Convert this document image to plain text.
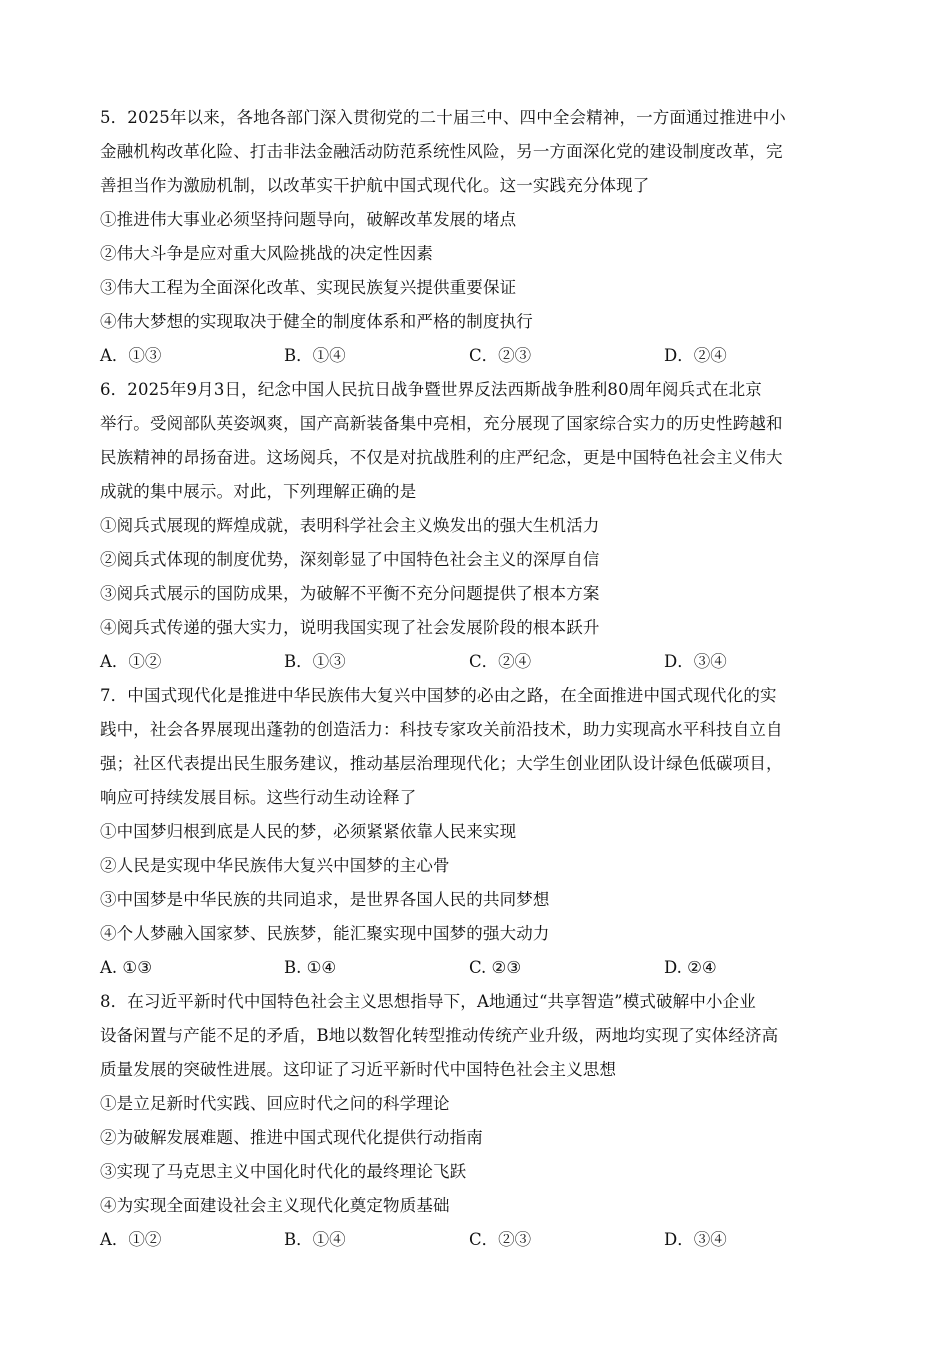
5．2025年以来，各地各部门深入贯彻党的二十届三中、四中全会精神，一方面通过推进中小
金融机构改革化险、打击非法金融活动防范系统性风险，另一方面深化党的建设制度改革，完
善担当作为激励机制，以改革实干护航中国式现代化。这一实践充分体现了
①推进伟大事业必须坚持问题导向，破解改革发展的堵点
②伟大斗争是应对重大风险挑战的决定性因素
③伟大工程为全面深化改革、实现民族复兴提供重要保证
④伟大梦想的实现取决于健全的制度体系和严格的制度执行
A．①③	B．①④	C．②③	D．②④
6．2025年9月3日，纪念中国人民抗日战争暨世界反法西斯战争胜利80周年阅兵式在北京
举行。受阅部队英姿飒爽，国产高新装备集中亮相，充分展现了国家综合实力的历史性跨越和
民族精神的昂扬奋进。这场阅兵，不仅是对抗战胜利的庄严纪念，更是中国特色社会主义伟大
成就的集中展示。对此，下列理解正确的是
①阅兵式展现的辉煌成就，表明科学社会主义焕发出的强大生机活力
②阅兵式体现的制度优势，深刻彰显了中国特色社会主义的深厚自信
③阅兵式展示的国防成果，为破解不平衡不充分问题提供了根本方案
④阅兵式传递的强大实力，说明我国实现了社会发展阶段的根本跃升
A．①②	B．①③	C．②④	D．③④
7．中国式现代化是推进中华民族伟大复兴中国梦的必由之路，在全面推进中国式现代化的实
践中，社会各界展现出蓬勃的创造活力：科技专家攻关前沿技术，助力实现高水平科技自立自
强；社区代表提出民生服务建议，推动基层治理现代化；大学生创业团队设计绿色低碳项目，
响应可持续发展目标。这些行动生动诠释了
①中国梦归根到底是人民的梦，必须紧紧依靠人民来实现
②人民是实现中华民族伟大复兴中国梦的主心骨
③中国梦是中华民族的共同追求，是世界各国人民的共同梦想
④个人梦融入国家梦、民族梦，能汇聚实现中国梦的强大动力
A. ①③	B. ①④	C. ②③	D. ②④
8．在习近平新时代中国特色社会主义思想指导下，A地通过“共享智造”模式破解中小企业
设备闲置与产能不足的矛盾，B地以数智化转型推动传统产业升级，两地均实现了实体经济高
质量发展的突破性进展。这印证了习近平新时代中国特色社会主义思想
①是立足新时代实践、回应时代之问的科学理论
②为破解发展难题、推进中国式现代化提供行动指南
③实现了马克思主义中国化时代化的最终理论飞跃
④为实现全面建设社会主义现代化奠定物质基础
A．①②	B．①④	C．②③	D．③④
